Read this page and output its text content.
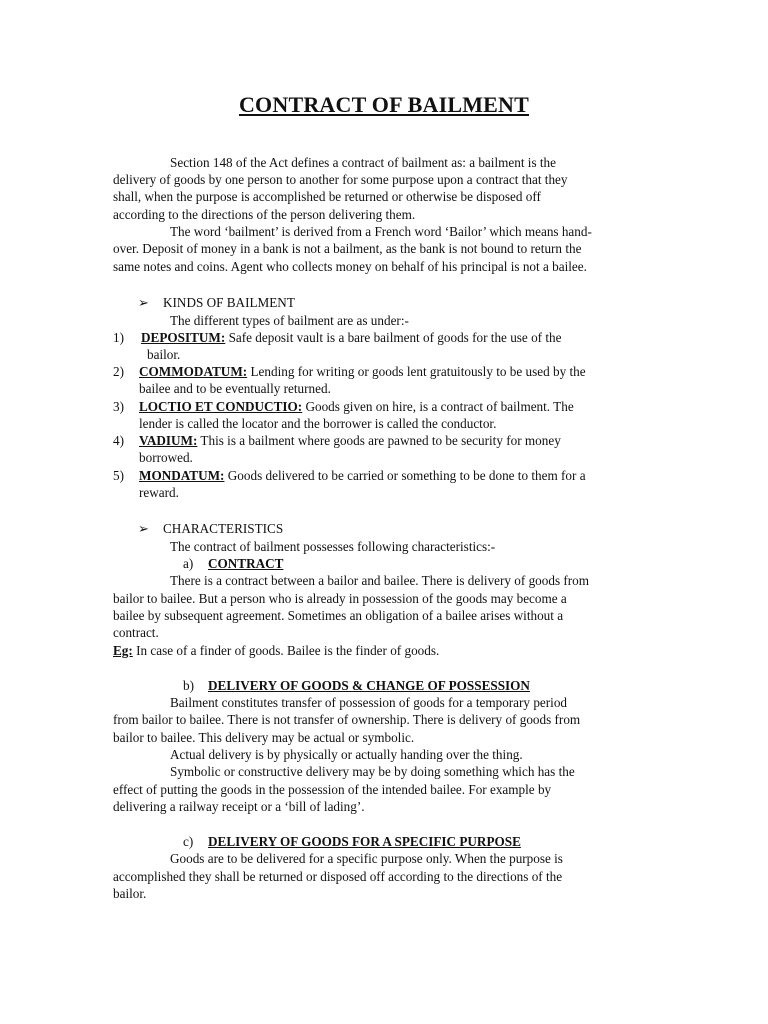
CONTRACT OF BAILMENT
Section 148 of the Act defines a contract of bailment as: a bailment is the
delivery of goods by one person to another for some purpose upon a contract that they
shall, when the purpose is accomplished be returned or otherwise be disposed off
according to the directions of the person delivering them.
The word ‘bailment’ is derived from a French word ‘Bailor’ which means hand-
over. Deposit of money in a bank is not a bailment, as the bank is not bound to return the
same notes and coins. Agent who collects money on behalf of his principal is not a bailee.
➢	KINDS OF BAILMENT
The different types of bailment are as under:-
1)	DEPOSITUM: Safe deposit vault is a bare bailment of goods for the use of the
bailor.
2)	COMMODATUM: Lending for writing or goods lent gratuitously to be used by the
bailee and to be eventually returned.
3)	LOCTIO ET CONDUCTIO: Goods given on hire, is a contract of bailment. The
lender is called the locator and the borrower is called the conductor.
4)	VADIUM: This is a bailment where goods are pawned to be security for money
borrowed.
5)	MONDATUM: Goods delivered to be carried or something to be done to them for a
reward.
➢	CHARACTERISTICS
The contract of bailment possesses following characteristics:-
a)	CONTRACT
There is a contract between a bailor and bailee. There is delivery of goods from
bailor to bailee. But a person who is already in possession of the goods may become a
bailee by subsequent agreement. Sometimes an obligation of a bailee arises without a
contract.
Eg: In case of a finder of goods. Bailee is the finder of goods.
b)	DELIVERY OF GOODS & CHANGE OF POSSESSION
Bailment constitutes transfer of possession of goods for a temporary period
from bailor to bailee. There is not transfer of ownership. There is delivery of goods from
bailor to bailee. This delivery may be actual or symbolic.
Actual delivery is by physically or actually handing over the thing.
Symbolic or constructive delivery may be by doing something which has the
effect of putting the goods in the possession of the intended bailee. For example by
delivering a railway receipt or a ‘bill of lading’.
c)	DELIVERY OF GOODS FOR A SPECIFIC PURPOSE
Goods are to be delivered for a specific purpose only. When the purpose is
accomplished they shall be returned or disposed off according to the directions of the
bailor.
